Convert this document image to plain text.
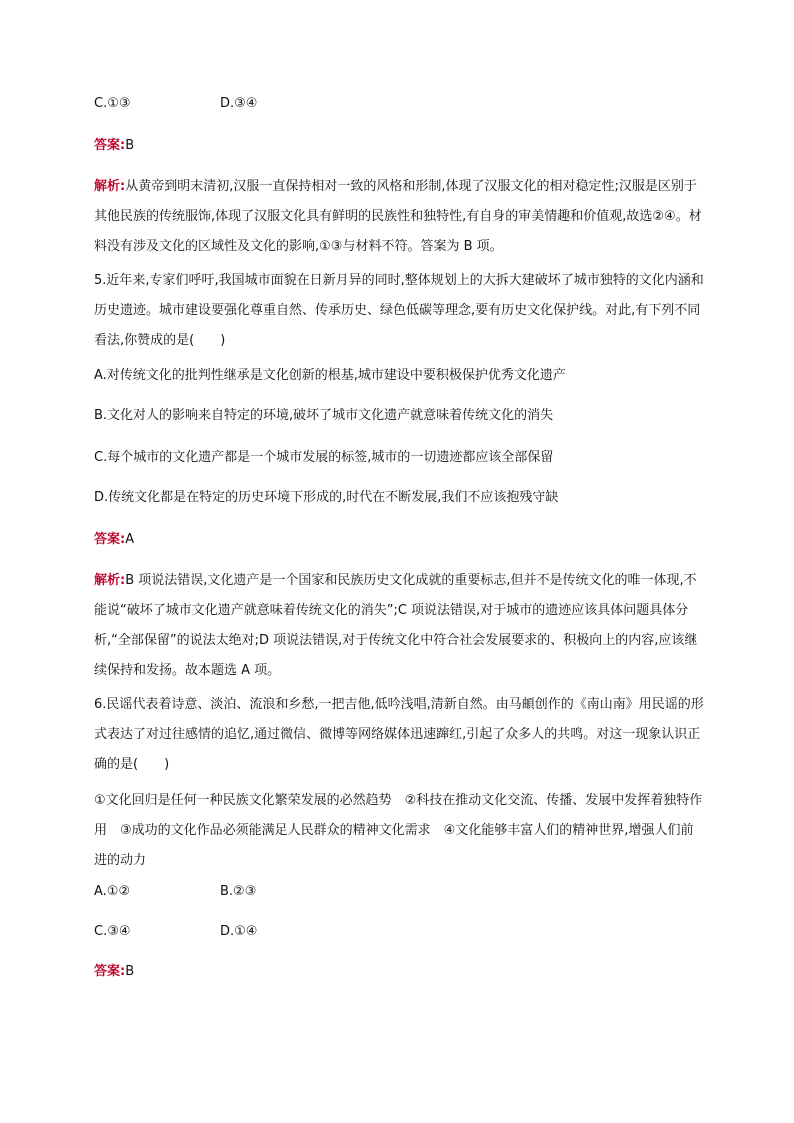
C.①③	D.③④
答案:B
解析:从黄帝到明末清初,汉服一直保持相对一致的风格和形制,体现了汉服文化的相对稳定性;汉服是区别于其他民族的传统服饰,体现了汉服文化具有鲜明的民族性和独特性,有自身的审美情趣和价值观,故选②④。材料没有涉及文化的区域性及文化的影响,①③与材料不符。答案为 B 项。
5.近年来,专家们呼吁,我国城市面貌在日新月异的同时,整体规划上的大拆大建破坏了城市独特的文化内涵和历史遗迹。城市建设要强化尊重自然、传承历史、绿色低碳等理念,要有历史文化保护线。对此,有下列不同看法,你赞成的是(　　)
A.对传统文化的批判性继承是文化创新的根基,城市建设中要积极保护优秀文化遗产
B.文化对人的影响来自特定的环境,破坏了城市文化遗产就意味着传统文化的消失
C.每个城市的文化遗产都是一个城市发展的标签,城市的一切遗迹都应该全部保留
D.传统文化都是在特定的历史环境下形成的,时代在不断发展,我们不应该抱残守缺
答案:A
解析:B 项说法错误,文化遗产是一个国家和民族历史文化成就的重要标志,但并不是传统文化的唯一体现,不能说“破坏了城市文化遗产就意味着传统文化的消失”;C 项说法错误,对于城市的遗迹应该具体问题具体分析,“全部保留”的说法太绝对;D 项说法错误,对于传统文化中符合社会发展要求的、积极向上的内容,应该继续保持和发扬。故本题选 A 项。
6.民谣代表着诗意、淡泊、流浪和乡愁,一把吉他,低吟浅唱,清新自然。由马頔创作的《南山南》用民谣的形式表达了对过往感情的追忆,通过微信、微博等网络媒体迅速蹿红,引起了众多人的共鸣。对这一现象认识正确的是(　　)
①文化回归是任何一种民族文化繁荣发展的必然趋势　②科技在推动文化交流、传播、发展中发挥着独特作用　③成功的文化作品必须能满足人民群众的精神文化需求　④文化能够丰富人们的精神世界,增强人们前进的动力
A.①②	B.②③
C.③④	D.①④
答案:B
